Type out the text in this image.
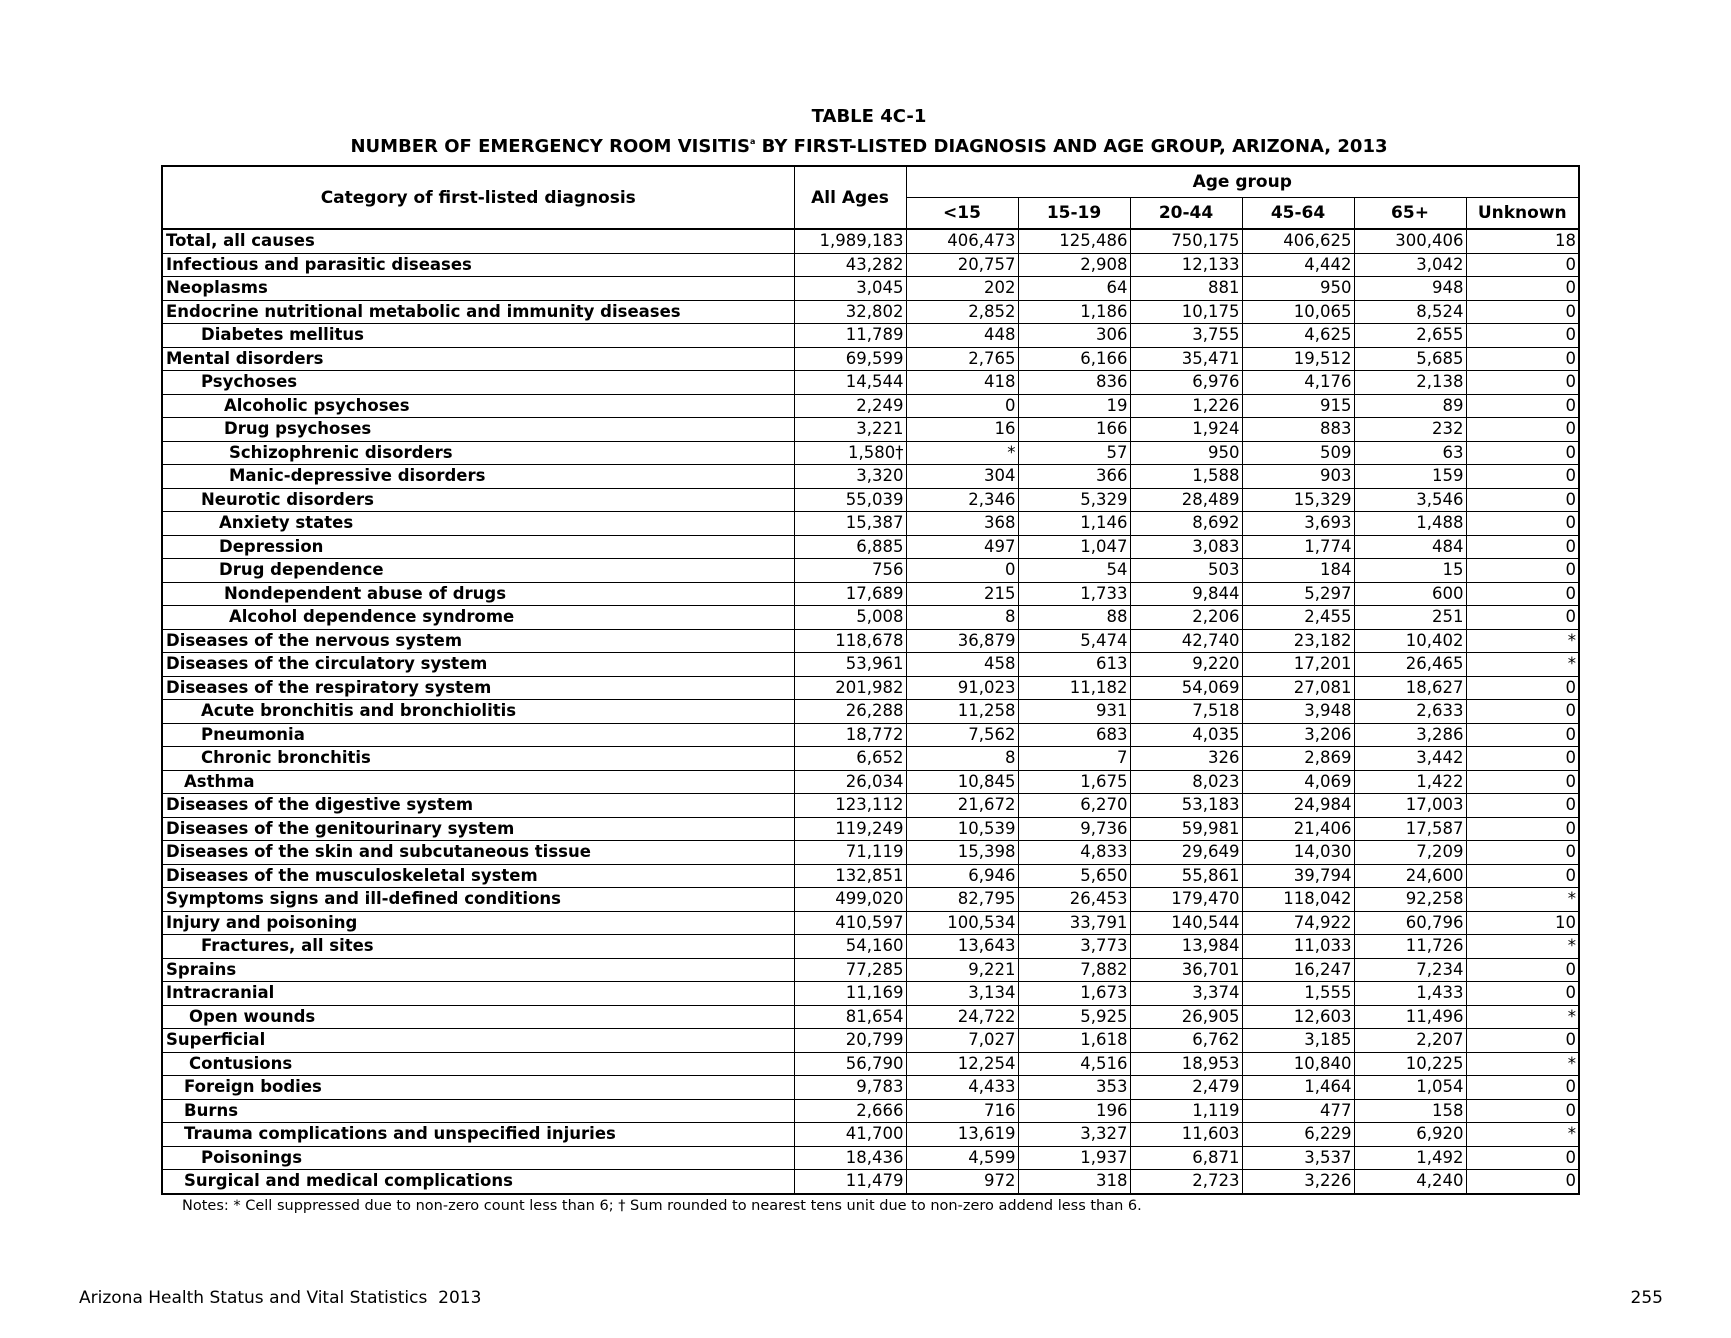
TABLE 4C-1
NUMBER OF EMERGENCY ROOM VISITIS$^a$ BY FIRST-LISTED DIAGNOSIS AND AGE GROUP, ARIZONA, 2013
Category of first-listed diagnosis	All Ages	Age group					
		<15	15-19	20-44	45-64	65+	Unknown
Total, all causes	1,989,183	406,473	125,486	750,175	406,625	300,406	18
Infectious and parasitic diseases	43,282	20,757	2,908	12,133	4,442	3,042	0
Neoplasms	3,045	202	64	881	950	948	0
Endocrine nutritional metabolic and immunity diseases	32,802	2,852	1,186	10,175	10,065	8,524	0
Diabetes mellitus	11,789	448	306	3,755	4,625	2,655	0
Mental disorders	69,599	2,765	6,166	35,471	19,512	5,685	0
Psychoses	14,544	418	836	6,976	4,176	2,138	0
Alcoholic psychoses	2,249	0	19	1,226	915	89	0
Drug psychoses	3,221	16	166	1,924	883	232	0
Schizophrenic disorders	1,580†	*	57	950	509	63	0
Manic-depressive disorders	3,320	304	366	1,588	903	159	0
Neurotic disorders	55,039	2,346	5,329	28,489	15,329	3,546	0
Anxiety states	15,387	368	1,146	8,692	3,693	1,488	0
Depression	6,885	497	1,047	3,083	1,774	484	0
Drug dependence	756	0	54	503	184	15	0
Nondependent abuse of drugs	17,689	215	1,733	9,844	5,297	600	0
Alcohol dependence syndrome	5,008	8	88	2,206	2,455	251	0
Diseases of the nervous system	118,678	36,879	5,474	42,740	23,182	10,402	*
Diseases of the circulatory system	53,961	458	613	9,220	17,201	26,465	*
Diseases of the respiratory system	201,982	91,023	11,182	54,069	27,081	18,627	0
Acute bronchitis and bronchiolitis	26,288	11,258	931	7,518	3,948	2,633	0
Pneumonia	18,772	7,562	683	4,035	3,206	3,286	0
Chronic bronchitis	6,652	8	7	326	2,869	3,442	0
Asthma	26,034	10,845	1,675	8,023	4,069	1,422	0
Diseases of the digestive system	123,112	21,672	6,270	53,183	24,984	17,003	0
Diseases of the genitourinary system	119,249	10,539	9,736	59,981	21,406	17,587	0
Diseases of the skin and subcutaneous tissue	71,119	15,398	4,833	29,649	14,030	7,209	0
Diseases of the musculoskeletal system	132,851	6,946	5,650	55,861	39,794	24,600	0
Symptoms signs and ill-defined conditions	499,020	82,795	26,453	179,470	118,042	92,258	*
Injury and poisoning	410,597	100,534	33,791	140,544	74,922	60,796	10
Fractures, all sites	54,160	13,643	3,773	13,984	11,033	11,726	*
Sprains	77,285	9,221	7,882	36,701	16,247	7,234	0
Intracranial	11,169	3,134	1,673	3,374	1,555	1,433	0
Open wounds	81,654	24,722	5,925	26,905	12,603	11,496	*
Superficial	20,799	7,027	1,618	6,762	3,185	2,207	0
Contusions	56,790	12,254	4,516	18,953	10,840	10,225	*
Foreign bodies	9,783	4,433	353	2,479	1,464	1,054	0
Burns	2,666	716	196	1,119	477	158	0
Trauma complications and unspecified injuries	41,700	13,619	3,327	11,603	6,229	6,920	*
Poisonings	18,436	4,599	1,937	6,871	3,537	1,492	0
Surgical and medical complications	11,479	972	318	2,723	3,226	4,240	0
Notes: * Cell suppressed due to non-zero count less than 6; † Sum rounded to nearest tens unit due to non-zero addend less than 6.
Arizona Health Status and Vital Statistics  2013	255
